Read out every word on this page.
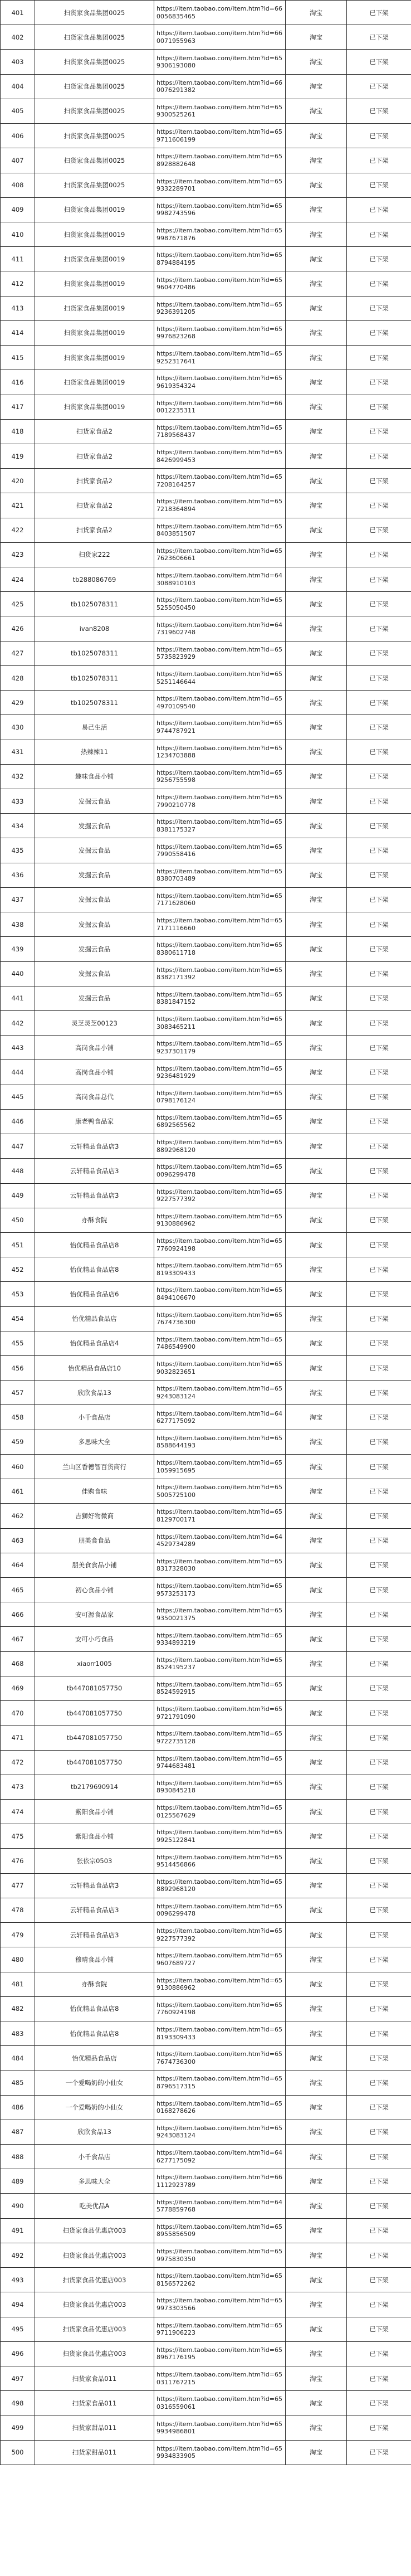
401	扫货家食品集团0025	https://item.taobao.com/item.htm?id=66 0056835465	淘宝	已下架
402	扫货家食品集团0025	https://item.taobao.com/item.htm?id=66 0071955963	淘宝	已下架
403	扫货家食品集团0025	https://item.taobao.com/item.htm?id=65 9306193080	淘宝	已下架
404	扫货家食品集团0025	https://item.taobao.com/item.htm?id=66 0076291382	淘宝	已下架
405	扫货家食品集团0025	https://item.taobao.com/item.htm?id=65 9300525261	淘宝	已下架
406	扫货家食品集团0025	https://item.taobao.com/item.htm?id=65 9711606199	淘宝	已下架
407	扫货家食品集团0025	https://item.taobao.com/item.htm?id=65 8928882648	淘宝	已下架
408	扫货家食品集团0025	https://item.taobao.com/item.htm?id=65 9332289701	淘宝	已下架
409	扫货家食品集团0019	https://item.taobao.com/item.htm?id=65 9982743596	淘宝	已下架
410	扫货家食品集团0019	https://item.taobao.com/item.htm?id=65 9987671876	淘宝	已下架
411	扫货家食品集团0019	https://item.taobao.com/item.htm?id=65 8794884195	淘宝	已下架
412	扫货家食品集团0019	https://item.taobao.com/item.htm?id=65 9604770486	淘宝	已下架
413	扫货家食品集团0019	https://item.taobao.com/item.htm?id=65 9236391205	淘宝	已下架
414	扫货家食品集团0019	https://item.taobao.com/item.htm?id=65 9976823268	淘宝	已下架
415	扫货家食品集团0019	https://item.taobao.com/item.htm?id=65 9252317641	淘宝	已下架
416	扫货家食品集团0019	https://item.taobao.com/item.htm?id=65 9619354324	淘宝	已下架
417	扫货家食品集团0019	https://item.taobao.com/item.htm?id=66 0012235311	淘宝	已下架
418	扫货家食品2	https://item.taobao.com/item.htm?id=65 7189568437	淘宝	已下架
419	扫货家食品2	https://item.taobao.com/item.htm?id=65 8426999453	淘宝	已下架
420	扫货家食品2	https://item.taobao.com/item.htm?id=65 7208164257	淘宝	已下架
421	扫货家食品2	https://item.taobao.com/item.htm?id=65 7218364894	淘宝	已下架
422	扫货家食品2	https://item.taobao.com/item.htm?id=65 8403851507	淘宝	已下架
423	扫货家222	https://item.taobao.com/item.htm?id=65 7623606661	淘宝	已下架
424	tb288086769	https://item.taobao.com/item.htm?id=64 3088910103	淘宝	已下架
425	tb1025078311	https://item.taobao.com/item.htm?id=65 5255050450	淘宝	已下架
426	ivan8208	https://item.taobao.com/item.htm?id=64 7319602748	淘宝	已下架
427	tb1025078311	https://item.taobao.com/item.htm?id=65 5735823929	淘宝	已下架
428	tb1025078311	https://item.taobao.com/item.htm?id=65 5251146644	淘宝	已下架
429	tb1025078311	https://item.taobao.com/item.htm?id=65 4970109540	淘宝	已下架
430	易己生活	https://item.taobao.com/item.htm?id=65 9744787921	淘宝	已下架
431	热辣辣11	https://item.taobao.com/item.htm?id=65 1234703888	淘宝	已下架
432	趣味食品小铺	https://item.taobao.com/item.htm?id=65 9256755598	淘宝	已下架
433	发掘云食品	https://item.taobao.com/item.htm?id=65 7990210778	淘宝	已下架
434	发掘云食品	https://item.taobao.com/item.htm?id=65 8381175327	淘宝	已下架
435	发掘云食品	https://item.taobao.com/item.htm?id=65 7990558416	淘宝	已下架
436	发掘云食品	https://item.taobao.com/item.htm?id=65 8380703489	淘宝	已下架
437	发掘云食品	https://item.taobao.com/item.htm?id=65 7171628060	淘宝	已下架
438	发掘云食品	https://item.taobao.com/item.htm?id=65 7171116660	淘宝	已下架
439	发掘云食品	https://item.taobao.com/item.htm?id=65 8380611718	淘宝	已下架
440	发掘云食品	https://item.taobao.com/item.htm?id=65 8382171392	淘宝	已下架
441	发掘云食品	https://item.taobao.com/item.htm?id=65 8381847152	淘宝	已下架
442	灵芝灵芝00123	https://item.taobao.com/item.htm?id=65 3083465211	淘宝	已下架
443	高岗食品小铺	https://item.taobao.com/item.htm?id=65 9237301179	淘宝	已下架
444	高岗食品小铺	https://item.taobao.com/item.htm?id=65 9236481929	淘宝	已下架
445	高岗食品总代	https://item.taobao.com/item.htm?id=65 0798176124	淘宝	已下架
446	康老鸭食品家	https://item.taobao.com/item.htm?id=65 6892565562	淘宝	已下架
447	云轩精品食品店3	https://item.taobao.com/item.htm?id=65 8892968120	淘宝	已下架
448	云轩精品食品店3	https://item.taobao.com/item.htm?id=65 0096299478	淘宝	已下架
449	云轩精品食品店3	https://item.taobao.com/item.htm?id=65 9227577392	淘宝	已下架
450	亦酥食院	https://item.taobao.com/item.htm?id=65 9130886962	淘宝	已下架
451	怡优精品食品店8	https://item.taobao.com/item.htm?id=65 7760924198	淘宝	已下架
452	怡优精品食品店8	https://item.taobao.com/item.htm?id=65 8193309433	淘宝	已下架
453	怡优精品食品店6	https://item.taobao.com/item.htm?id=65 8494106670	淘宝	已下架
454	怡优精品食品店	https://item.taobao.com/item.htm?id=65 7674736300	淘宝	已下架
455	怡优精品食品店4	https://item.taobao.com/item.htm?id=65 7486549900	淘宝	已下架
456	怡优精品食品店10	https://item.taobao.com/item.htm?id=65 9032823651	淘宝	已下架
457	欣欣食品13	https://item.taobao.com/item.htm?id=65 9243083124	淘宝	已下架
458	小千食品店	https://item.taobao.com/item.htm?id=64 6277175092	淘宝	已下架
459	多思味大全	https://item.taobao.com/item.htm?id=65 8588644193	淘宝	已下架
460	兰山区香德智百货商行	https://item.taobao.com/item.htm?id=65 1059915695	淘宝	已下架
461	佳购食味	https://item.taobao.com/item.htm?id=65 5005725100	淘宝	已下架
462	吉狮好物微商	https://item.taobao.com/item.htm?id=65 8129700171	淘宝	已下架
463	朋美食食品	https://item.taobao.com/item.htm?id=64 4529734289	淘宝	已下架
464	朋美食食品小铺	https://item.taobao.com/item.htm?id=65 8317328030	淘宝	已下架
465	初心食品小铺	https://item.taobao.com/item.htm?id=65 9573253173	淘宝	已下架
466	安可源食品家	https://item.taobao.com/item.htm?id=65 9350021375	淘宝	已下架
467	安可小巧食品	https://item.taobao.com/item.htm?id=65 9334893219	淘宝	已下架
468	xiaorr1005	https://item.taobao.com/item.htm?id=65 8524195237	淘宝	已下架
469	tb447081057750	https://item.taobao.com/item.htm?id=65 8524592915	淘宝	已下架
470	tb447081057750	https://item.taobao.com/item.htm?id=65 9721791090	淘宝	已下架
471	tb447081057750	https://item.taobao.com/item.htm?id=65 9722735128	淘宝	已下架
472	tb447081057750	https://item.taobao.com/item.htm?id=65 9744683481	淘宝	已下架
473	tb2179690914	https://item.taobao.com/item.htm?id=65 8930845218	淘宝	已下架
474	紫阳食品小铺	https://item.taobao.com/item.htm?id=65 0125567629	淘宝	已下架
475	紫阳食品小铺	https://item.taobao.com/item.htm?id=65 9925122841	淘宝	已下架
476	张依宗0503	https://item.taobao.com/item.htm?id=65 9514456866	淘宝	已下架
477	云轩精品食品店3	https://item.taobao.com/item.htm?id=65 8892968120	淘宝	已下架
478	云轩精品食品店3	https://item.taobao.com/item.htm?id=65 0096299478	淘宝	已下架
479	云轩精品食品店3	https://item.taobao.com/item.htm?id=65 9227577392	淘宝	已下架
480	穆晴食品小铺	https://item.taobao.com/item.htm?id=65 9607689727	淘宝	已下架
481	亦酥食院	https://item.taobao.com/item.htm?id=65 9130886962	淘宝	已下架
482	怡优精品食品店8	https://item.taobao.com/item.htm?id=65 7760924198	淘宝	已下架
483	怡优精品食品店8	https://item.taobao.com/item.htm?id=65 8193309433	淘宝	已下架
484	怡优精品食品店	https://item.taobao.com/item.htm?id=65 7674736300	淘宝	已下架
485	一个爱喝奶的小仙女	https://item.taobao.com/item.htm?id=65 8796517315	淘宝	已下架
486	一个爱喝奶的小仙女	https://item.taobao.com/item.htm?id=65 0168278626	淘宝	已下架
487	欣欣食品13	https://item.taobao.com/item.htm?id=65 9243083124	淘宝	已下架
488	小千食品店	https://item.taobao.com/item.htm?id=64 6277175092	淘宝	已下架
489	多思味大全	https://item.taobao.com/item.htm?id=66 1112923789	淘宝	已下架
490	吃美优品A	https://item.taobao.com/item.htm?id=64 5778859768	淘宝	已下架
491	扫货家食品优惠店003	https://item.taobao.com/item.htm?id=65 8955856509	淘宝	已下架
492	扫货家食品优惠店003	https://item.taobao.com/item.htm?id=65 9975830350	淘宝	已下架
493	扫货家食品优惠店003	https://item.taobao.com/item.htm?id=65 8156572262	淘宝	已下架
494	扫货家食品优惠店003	https://item.taobao.com/item.htm?id=65 9973303566	淘宝	已下架
495	扫货家食品优惠店003	https://item.taobao.com/item.htm?id=65 9711906223	淘宝	已下架
496	扫货家食品优惠店003	https://item.taobao.com/item.htm?id=65 8967176195	淘宝	已下架
497	扫货家食品011	https://item.taobao.com/item.htm?id=65 0311767215	淘宝	已下架
498	扫货家食品011	https://item.taobao.com/item.htm?id=65 0316559061	淘宝	已下架
499	扫货家甜品011	https://item.taobao.com/item.htm?id=65 9934986801	淘宝	已下架
500	扫货家甜品011	https://item.taobao.com/item.htm?id=65 9934833905	淘宝	已下架
